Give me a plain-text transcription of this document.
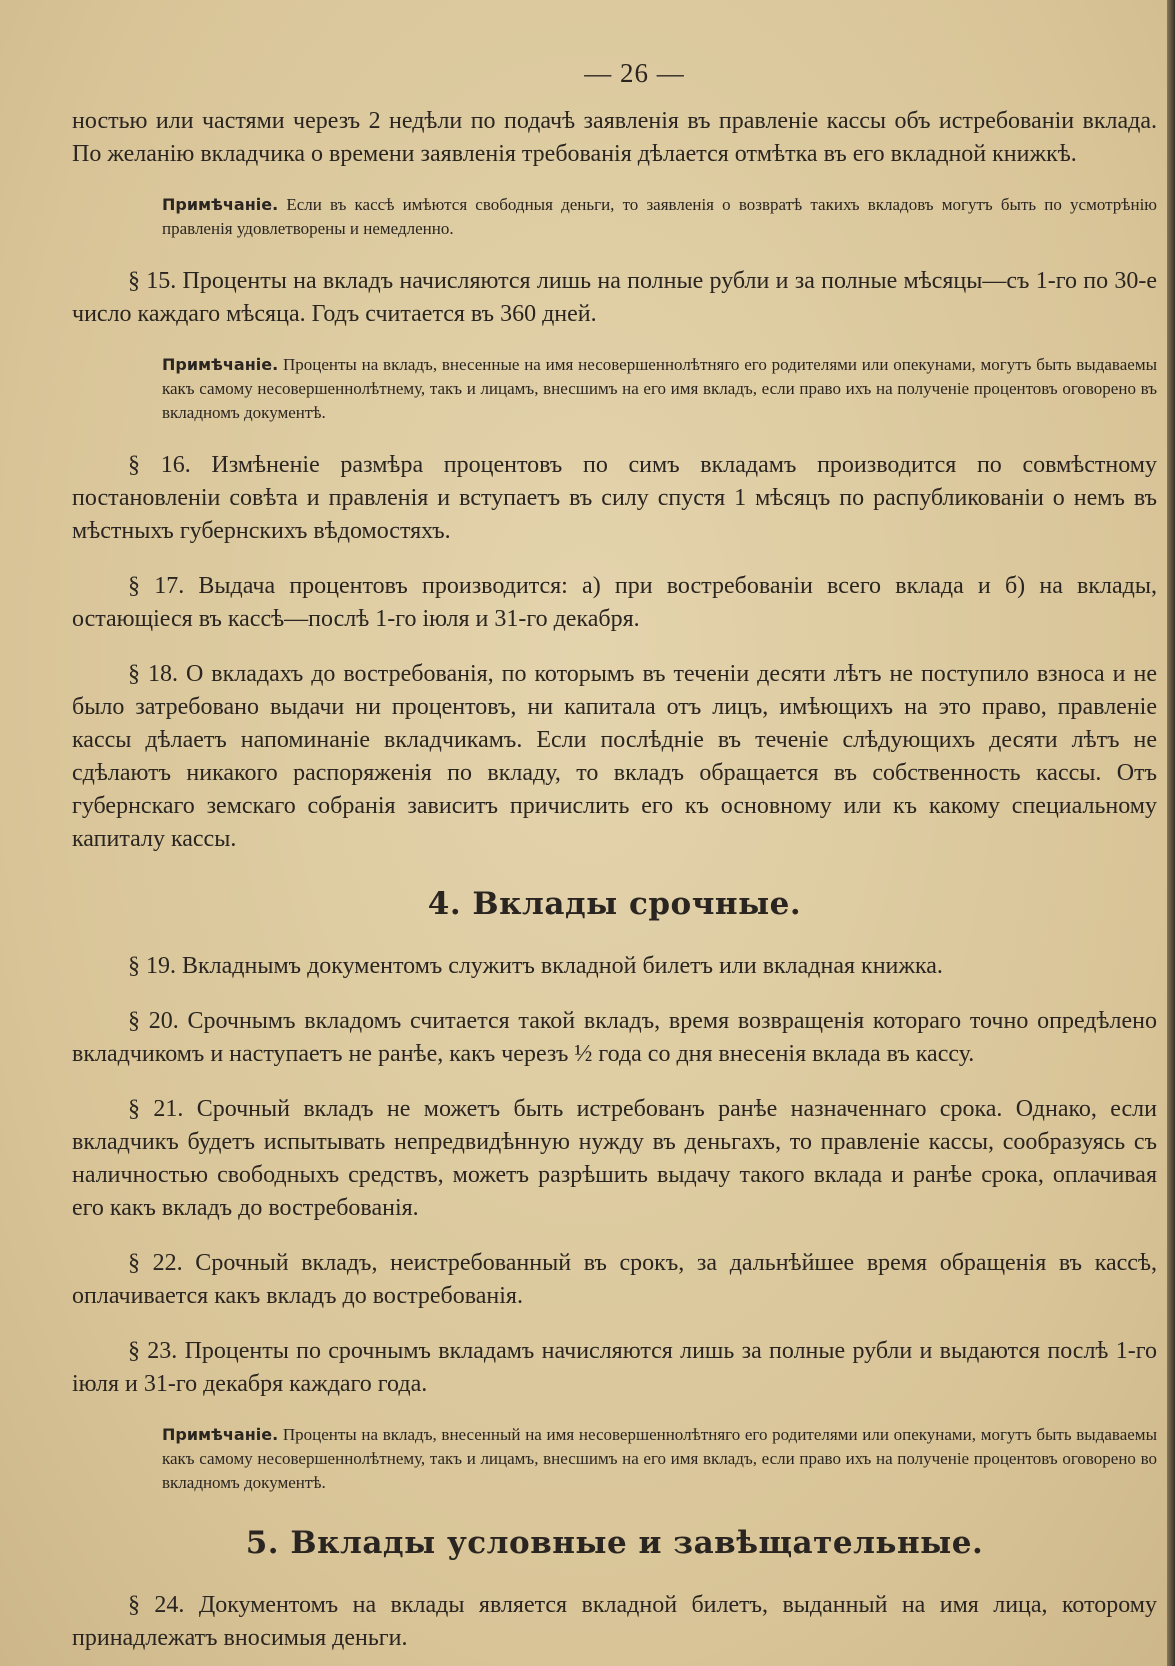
— 26 —

ностью или частями черезъ 2 недѣли по подачѣ заявленія въ правленіе кассы объ истребованіи вклада. По желанію вкладчика о времени заявленія требованія дѣлается отмѣтка въ его вкладной книжкѣ.

Примѣчаніе. Если въ кассѣ имѣются свободныя деньги, то заявленія о возвратѣ такихъ вкладовъ могутъ быть по усмотрѣнію правленія удовлетворены и немедленно.

§ 15. Проценты на вкладъ начисляются лишь на полные рубли и за полные мѣсяцы—съ 1-го по 30-е число каждаго мѣсяца. Годъ считается въ 360 дней.

Примѣчаніе. Проценты на вкладъ, внесенные на имя несовершеннолѣтняго его родителями или опекунами, могутъ быть выдаваемы какъ самому несовершеннолѣтнему, такъ и лицамъ, внесшимъ на его имя вкладъ, если право ихъ на полученіе процентовъ оговорено въ вкладномъ документѣ.

§ 16. Измѣненіе размѣра процентовъ по симъ вкладамъ производится по совмѣстному постановленіи совѣта и правленія и вступаетъ въ силу спустя 1 мѣсяцъ по распубликованіи о немъ въ мѣстныхъ губернскихъ вѣдомостяхъ.

§ 17. Выдача процентовъ производится: а) при востребованіи всего вклада и б) на вклады, остающіеся въ кассѣ—послѣ 1-го іюля и 31-го декабря.

§ 18. О вкладахъ до востребованія, по которымъ въ теченіи десяти лѣтъ не поступило взноса и не было затребовано выдачи ни процентовъ, ни капитала отъ лицъ, имѣющихъ на это право, правленіе кассы дѣлаетъ напоминаніе вкладчикамъ. Если послѣдніе въ теченіе слѣдующихъ десяти лѣтъ не сдѣлаютъ никакого распоряженія по вкладу, то вкладъ обращается въ собственность кассы. Отъ губернскаго земскаго собранія зависитъ причислить его къ основному или къ какому специальному капиталу кассы.

4. Вклады срочные.

§ 19. Вкладнымъ документомъ служитъ вкладной билетъ или вкладная книжка.

§ 20. Срочнымъ вкладомъ считается такой вкладъ, время возвращенія котораго точно опредѣлено вкладчикомъ и наступаетъ не ранѣе, какъ черезъ ½ года со дня внесенія вклада въ кассу.

§ 21. Срочный вкладъ не можетъ быть истребованъ ранѣе назначеннаго срока. Однако, если вкладчикъ будетъ испытывать непредвидѣнную нужду въ деньгахъ, то правленіе кассы, сообразуясь съ наличностью свободныхъ средствъ, можетъ разрѣшить выдачу такого вклада и ранѣе срока, оплачивая его какъ вкладъ до востребованія.

§ 22. Срочный вкладъ, неистребованный въ срокъ, за дальнѣйшее время обращенія въ кассѣ, оплачивается какъ вкладъ до востребованія.

§ 23. Проценты по срочнымъ вкладамъ начисляются лишь за полные рубли и выдаются послѣ 1-го іюля и 31-го декабря каждаго года.

Примѣчаніе. Проценты на вкладъ, внесенный на имя несовершеннолѣтняго его родителями или опекунами, могутъ быть выдаваемы какъ самому несовершеннолѣтнему, такъ и лицамъ, внесшимъ на его имя вкладъ, если право ихъ на полученіе процентовъ оговорено во вкладномъ документѣ.

5. Вклады условные и завѣщательные.

§ 24. Документомъ на вклады является вкладной билетъ, выданный на имя лица, которому принадлежатъ вносимыя деньги.
